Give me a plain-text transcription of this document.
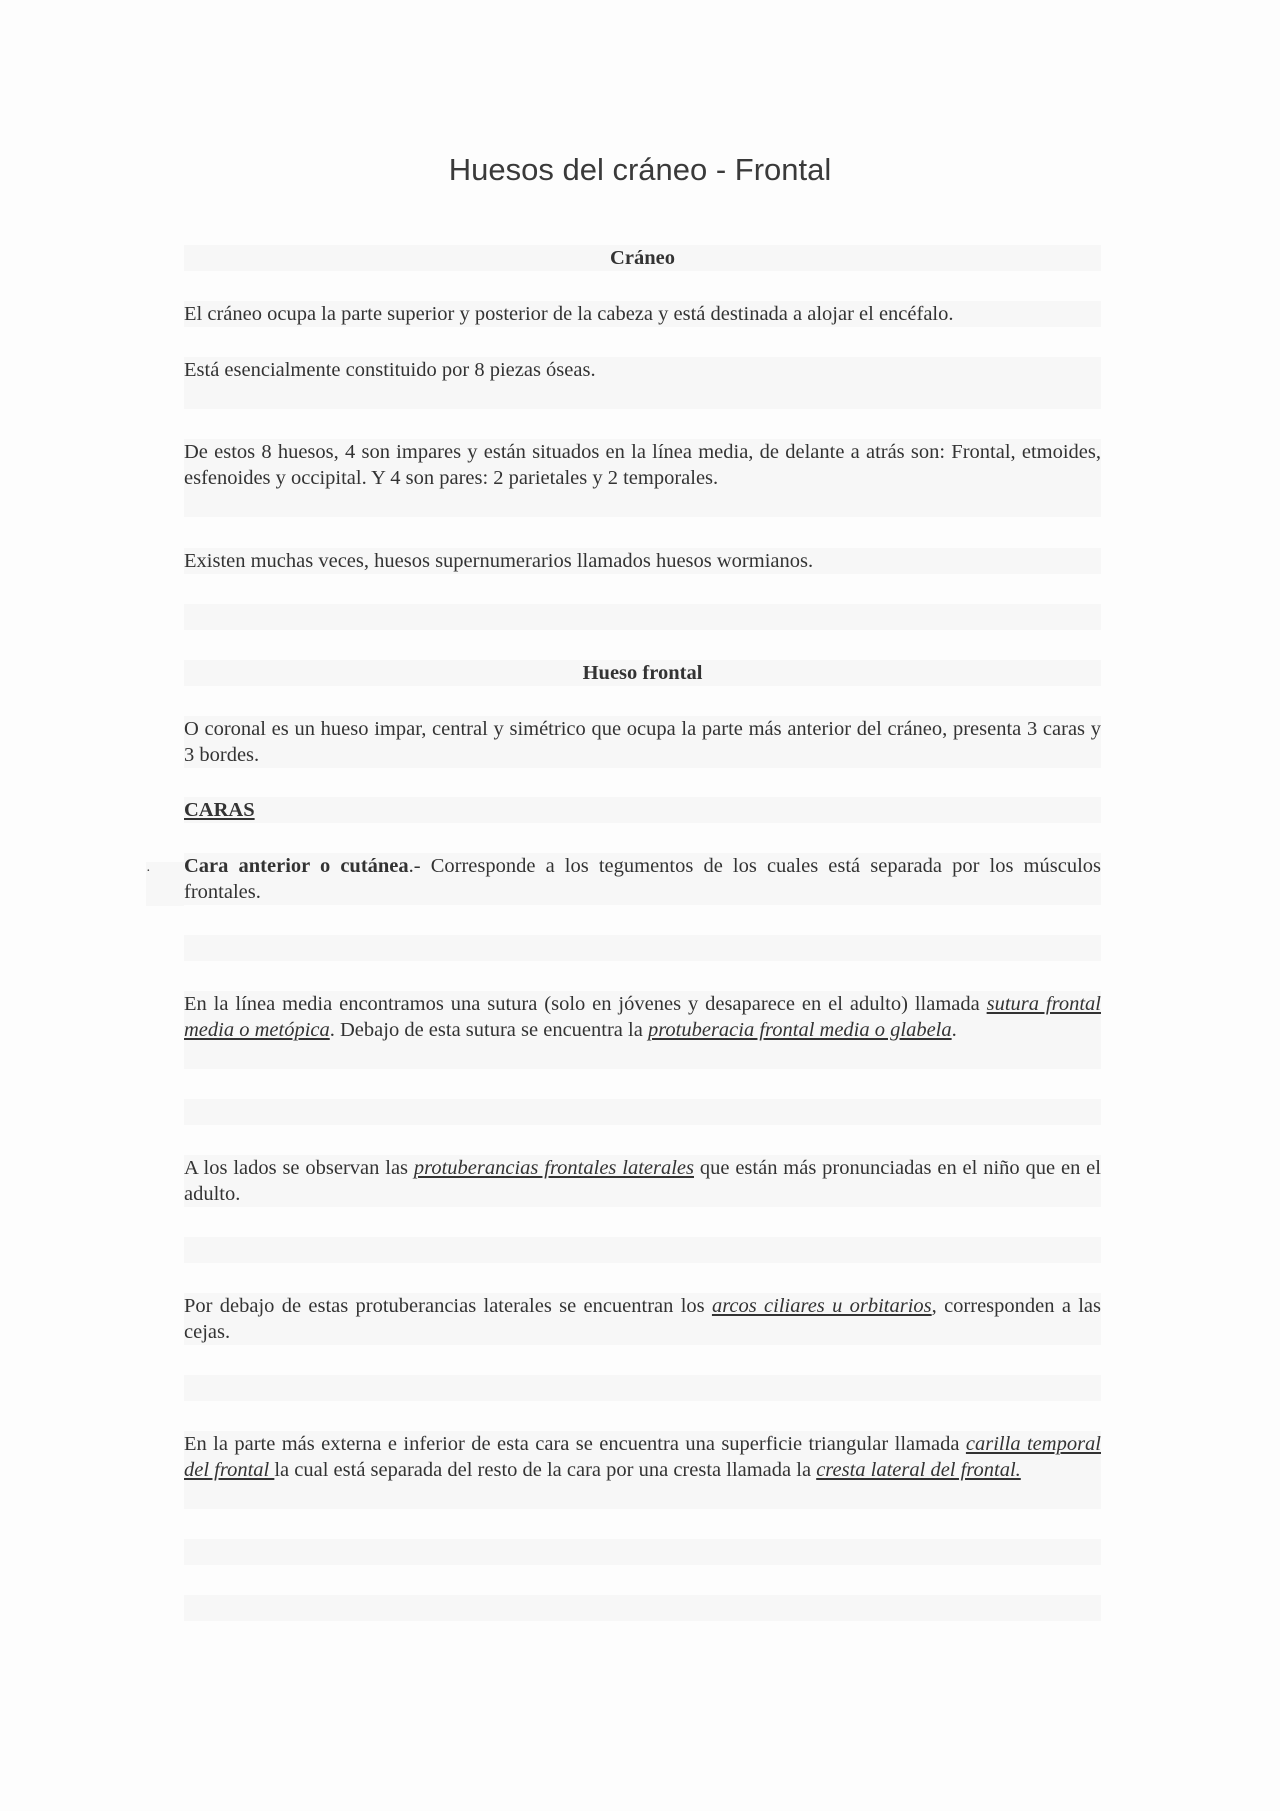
Huesos del cráneo - Frontal
Cráneo
El cráneo ocupa la parte superior y posterior de la cabeza y está destinada a alojar el encéfalo.
Está esencialmente constituido por 8 piezas óseas.
De estos 8 huesos, 4 son impares y están situados en la línea media, de delante a atrás son: Frontal, etmoides, esfenoides y occipital. Y 4 son pares: 2 parietales y 2 temporales.
Existen muchas veces, huesos supernumerarios llamados huesos wormianos.
Hueso frontal
O coronal es un hueso impar, central y simétrico que ocupa la parte más anterior del cráneo, presenta 3 caras y 3 bordes.
CARAS
·	Cara anterior o cutánea.- Corresponde a los tegumentos de los cuales está separada por los músculos frontales.
En la línea media encontramos una sutura (solo en jóvenes y desaparece en el adulto) llamada sutura frontal media o metópica. Debajo de esta sutura se encuentra la protuberacia frontal media o glabela.
A los lados se observan las protuberancias frontales laterales que están más pronunciadas en el niño que en el adulto.
Por debajo de estas protuberancias laterales se encuentran los arcos ciliares u orbitarios, corresponden a las cejas.
En la parte más externa e inferior de esta cara se encuentra una superficie triangular llamada carilla temporal del frontal la cual está separada del resto de la cara por una cresta llamada la cresta lateral del frontal.
